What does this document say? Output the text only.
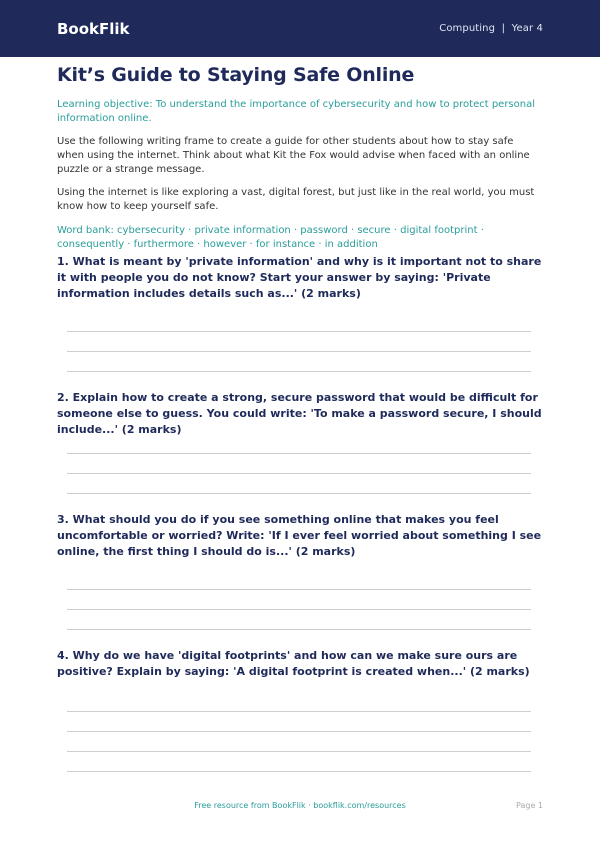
BookFlik	Computing | Year 4
Kit’s Guide to Staying Safe Online

Learning objective: To understand the importance of cybersecurity and how to protect personal information online.

Use the following writing frame to create a guide for other students about how to stay safe when using the internet. Think about what Kit the Fox would advise when faced with an online puzzle or a strange message.

Using the internet is like exploring a vast, digital forest, but just like in the real world, you must know how to keep yourself safe.

Word bank: cybersecurity · private information · password · secure · digital footprint · consequently · furthermore · however · for instance · in addition

1. What is meant by 'private information' and why is it important not to share it with people you do not know? Start your answer by saying: 'Private information includes details such as...' (2 marks)

2. Explain how to create a strong, secure password that would be difficult for someone else to guess. You could write: 'To make a password secure, I should include...' (2 marks)

3. What should you do if you see something online that makes you feel uncomfortable or worried? Write: 'If I ever feel worried about something I see online, the first thing I should do is...' (2 marks)

4. Why do we have 'digital footprints' and how can we make sure ours are positive? Explain by saying: 'A digital footprint is created when...' (2 marks)

Free resource from BookFlik · bookflik.com/resources	Page 1
